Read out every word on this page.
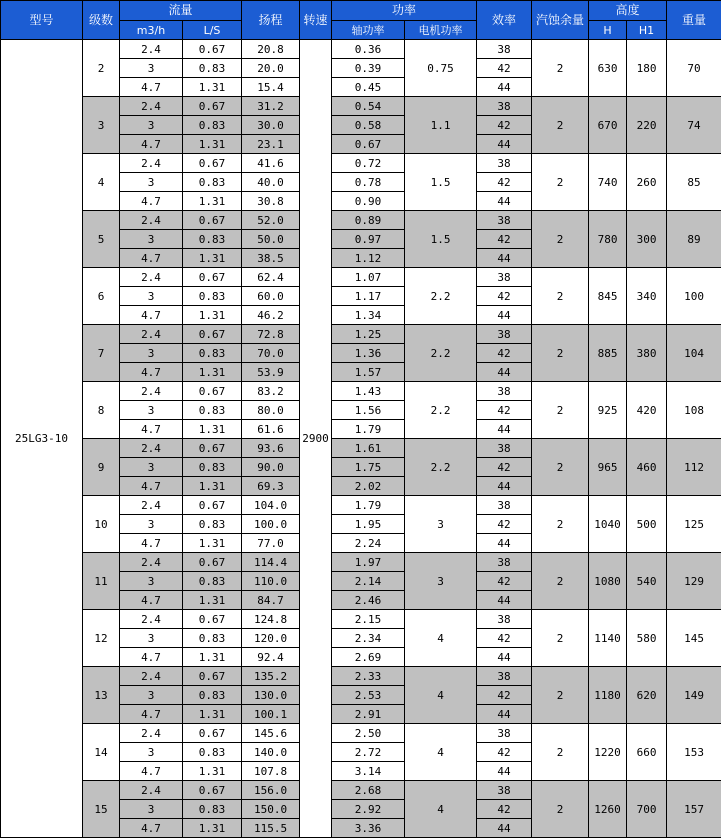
型号	级数	流量		扬程	转速	功率		效率	汽蚀余量	高度		重量
		m3/h	L/S			轴功率	电机功率			H	H1	
25LG3-10	2	2.4	0.67	20.8	2900	0.36	0.75	38	2	630	180	70
		3	0.83	20.0		0.39		42				
		4.7	1.31	15.4		0.45		44				
	3	2.4	0.67	31.2		0.54	1.1	38	2	670	220	74
		3	0.83	30.0		0.58		42				
		4.7	1.31	23.1		0.67		44				
	4	2.4	0.67	41.6		0.72	1.5	38	2	740	260	85
		3	0.83	40.0		0.78		42				
		4.7	1.31	30.8		0.90		44				
	5	2.4	0.67	52.0		0.89	1.5	38	2	780	300	89
		3	0.83	50.0		0.97		42				
		4.7	1.31	38.5		1.12		44				
	6	2.4	0.67	62.4		1.07	2.2	38	2	845	340	100
		3	0.83	60.0		1.17		42				
		4.7	1.31	46.2		1.34		44				
	7	2.4	0.67	72.8		1.25	2.2	38	2	885	380	104
		3	0.83	70.0		1.36		42				
		4.7	1.31	53.9		1.57		44				
	8	2.4	0.67	83.2		1.43	2.2	38	2	925	420	108
		3	0.83	80.0		1.56		42				
		4.7	1.31	61.6		1.79		44				
	9	2.4	0.67	93.6		1.61	2.2	38	2	965	460	112
		3	0.83	90.0		1.75		42				
		4.7	1.31	69.3		2.02		44				
	10	2.4	0.67	104.0		1.79	3	38	2	1040	500	125
		3	0.83	100.0		1.95		42				
		4.7	1.31	77.0		2.24		44				
	11	2.4	0.67	114.4		1.97	3	38	2	1080	540	129
		3	0.83	110.0		2.14		42				
		4.7	1.31	84.7		2.46		44				
	12	2.4	0.67	124.8		2.15	4	38	2	1140	580	145
		3	0.83	120.0		2.34		42				
		4.7	1.31	92.4		2.69		44				
	13	2.4	0.67	135.2		2.33	4	38	2	1180	620	149
		3	0.83	130.0		2.53		42				
		4.7	1.31	100.1		2.91		44				
	14	2.4	0.67	145.6		2.50	4	38	2	1220	660	153
		3	0.83	140.0		2.72		42				
		4.7	1.31	107.8		3.14		44				
	15	2.4	0.67	156.0		2.68	4	38	2	1260	700	157
		3	0.83	150.0		2.92		42				
		4.7	1.31	115.5		3.36		44				
